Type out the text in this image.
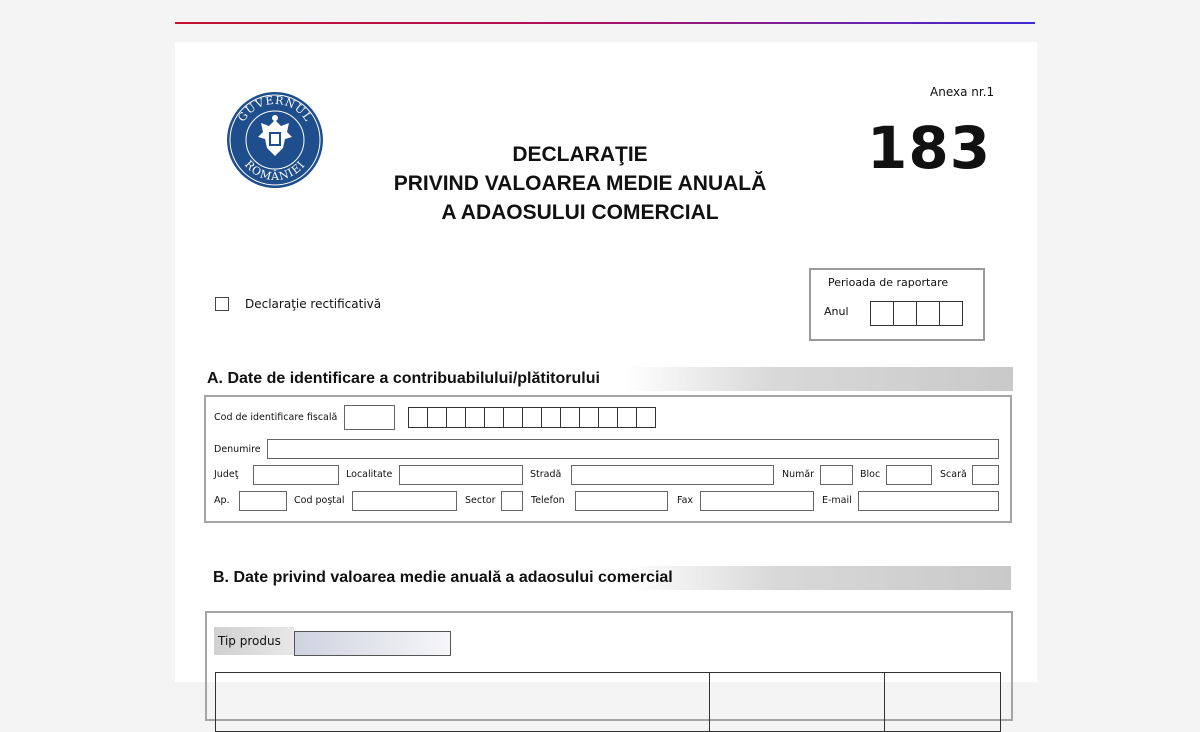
GUVERNUL
ROMÂNIEI
Anexa nr.1
183
DECLARAŢIE
PRIVIND VALOAREA MEDIE ANUALĂ
A ADAOSULUI COMERCIAL
Declaraţie rectificativă
Perioada de raportare
Anul
A. Date de identificare a contribuabilului/plătitorului
Cod de identificare fiscală
Denumire
Judeţ	Localitate	Stradă	Număr	Bloc	Scară
Ap.	Cod poştal	Sector	Telefon	Fax	E-mail
B. Date privind valoarea medie anuală a adaosului comercial
Tip produs
